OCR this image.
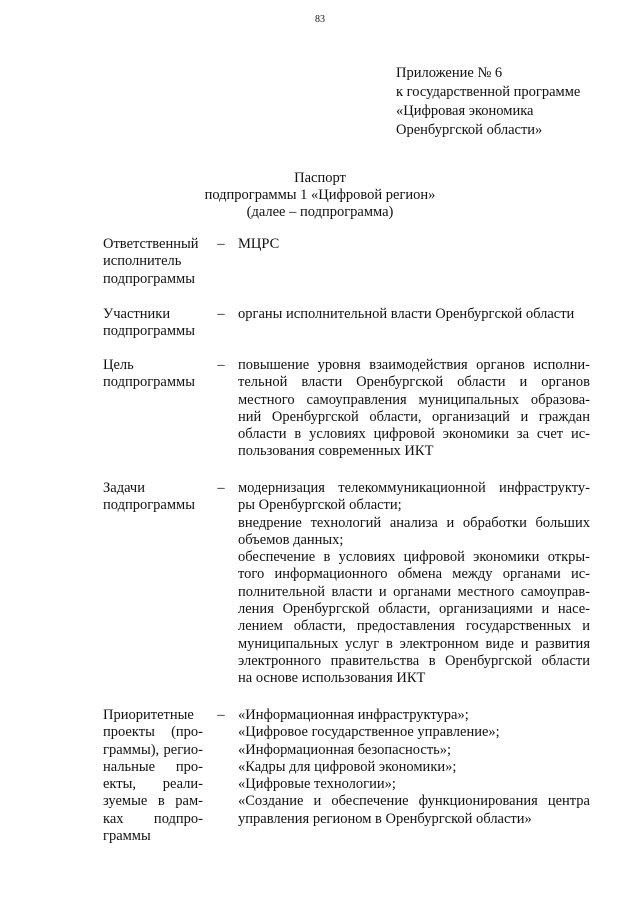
83
Приложение № 6
к государственной программе
«Цифровая экономика
Оренбургской области»
Паспорт
подпрограммы 1 «Цифровой регион»
(далее – подпрограмма)
Ответственный
исполнитель
подпрограммы
– МЦРС
Участники
подпрограммы
– органы исполнительной власти Оренбургской области
Цель
подпрограммы
– повышение уровня взаимодействия органов исполни-
тельной власти Оренбургской области и органов
местного самоуправления муниципальных образова-
ний Оренбургской области, организаций и граждан
области в условиях цифровой экономики за счет ис-
пользования современных ИКТ
Задачи
подпрограммы
– модернизация телекоммуникационной инфраструкту-
ры Оренбургской области;
внедрение технологий анализа и обработки больших
объемов данных;
обеспечение в условиях цифровой экономики откры-
того информационного обмена между органами ис-
полнительной власти и органами местного самоуправ-
ления Оренбургской области, организациями и насе-
лением области, предоставления государственных и
муниципальных услуг в электронном виде и развития
электронного правительства в Оренбургской области
на основе использования ИКТ
Приоритетные
проекты (про-
граммы), регио-
нальные про-
екты, реали-
зуемые в рам-
ках подпро-
граммы
– «Информационная инфраструктура»;
«Цифровое государственное управление»;
«Информационная безопасность»;
«Кадры для цифровой экономики»;
«Цифровые технологии»;
«Создание и обеспечение функционирования центра
управления регионом в Оренбургской области»
